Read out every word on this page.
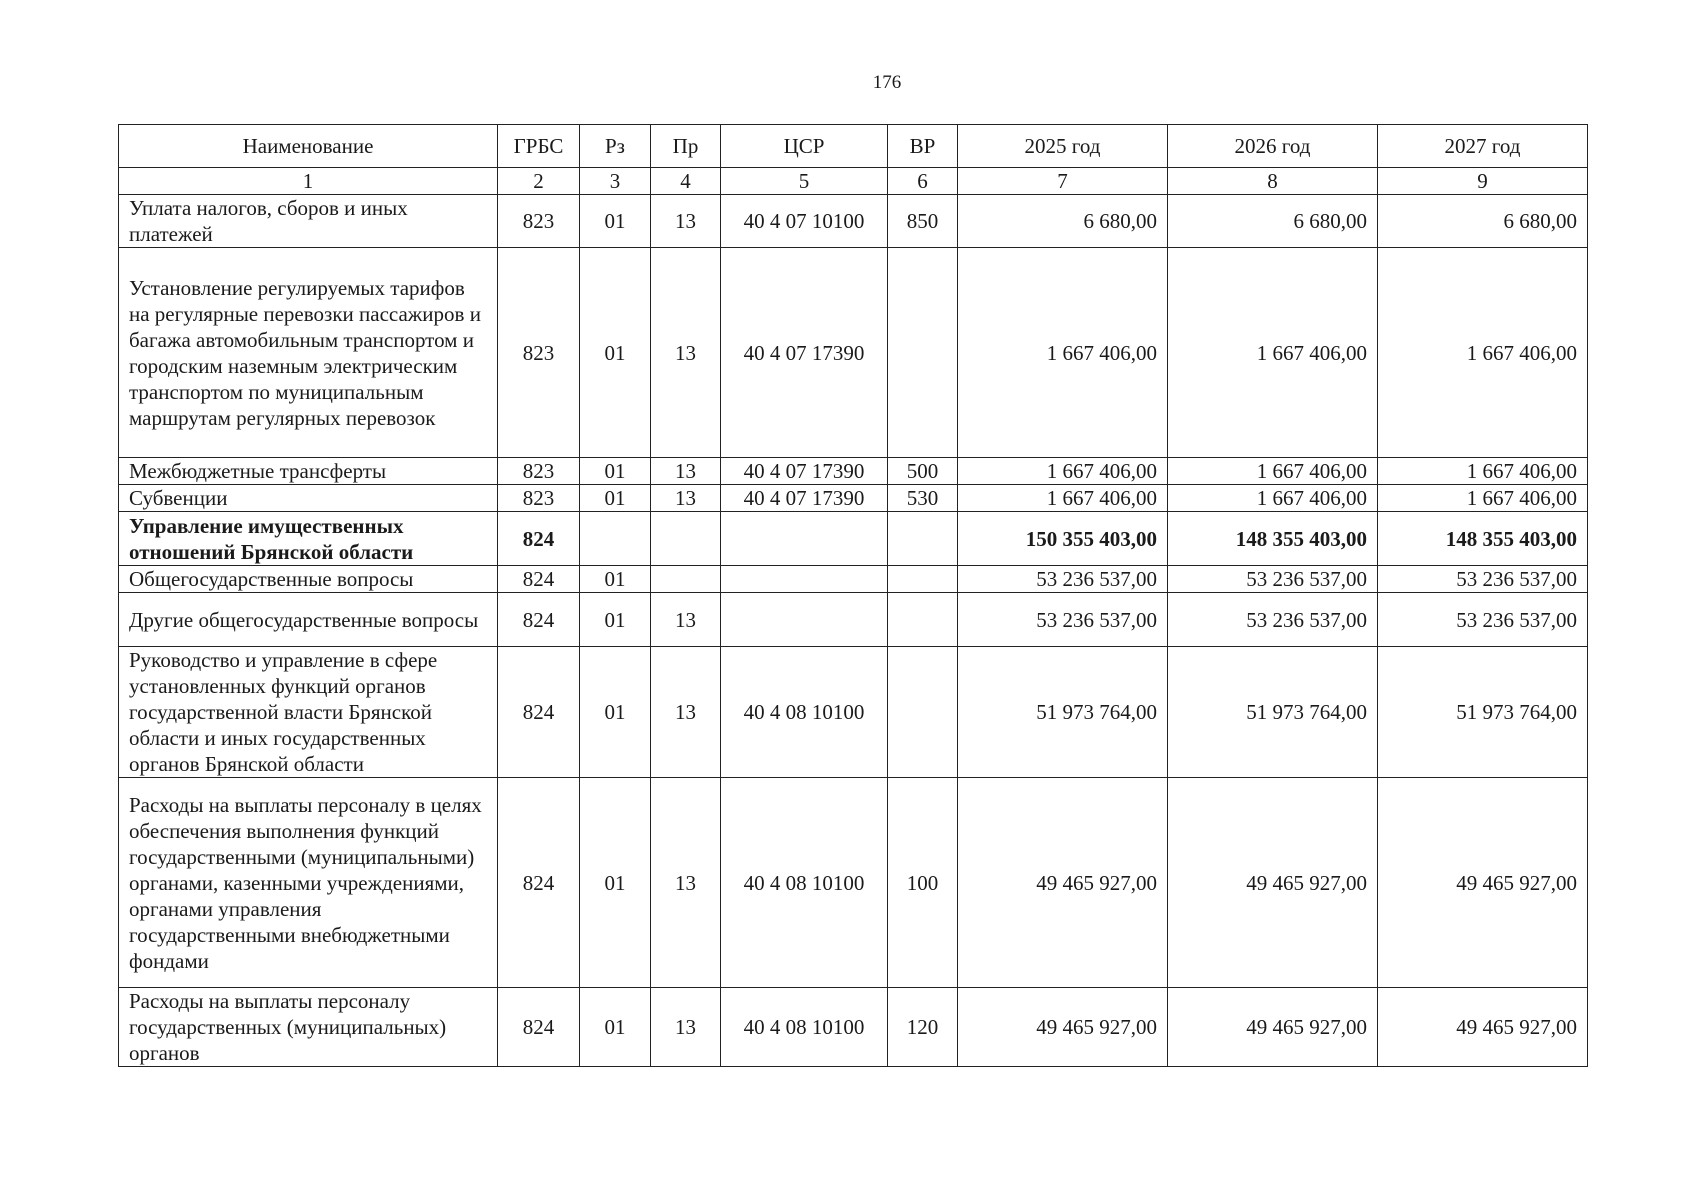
176
Наименование	ГРБС	Рз	Пр	ЦСР	ВР	2025 год	2026 год	2027 год
1	2	3	4	5	6	7	8	9
Уплата налогов, сборов и иных платежей	823	01	13	40 4 07 10100	850	6 680,00	6 680,00	6 680,00
Установление регулируемых тарифов на регулярные перевозки пассажиров и багажа автомобильным транспортом и городским наземным электрическим транспортом по муниципальным маршрутам регулярных перевозок	823	01	13	40 4 07 17390		1 667 406,00	1 667 406,00	1 667 406,00
Межбюджетные трансферты	823	01	13	40 4 07 17390	500	1 667 406,00	1 667 406,00	1 667 406,00
Субвенции	823	01	13	40 4 07 17390	530	1 667 406,00	1 667 406,00	1 667 406,00
Управление имущественных отношений Брянской области	824					150 355 403,00	148 355 403,00	148 355 403,00
Общегосударственные вопросы	824	01				53 236 537,00	53 236 537,00	53 236 537,00
Другие общегосударственные вопросы	824	01	13			53 236 537,00	53 236 537,00	53 236 537,00
Руководство и управление в сфере установленных функций органов государственной власти Брянской области и иных государственных органов Брянской области	824	01	13	40 4 08 10100		51 973 764,00	51 973 764,00	51 973 764,00
Расходы на выплаты персоналу в целях обеспечения выполнения функций государственными (муниципальными) органами, казенными учреждениями, органами управления государственными внебюджетными фондами	824	01	13	40 4 08 10100	100	49 465 927,00	49 465 927,00	49 465 927,00
Расходы на выплаты персоналу государственных (муниципальных) органов	824	01	13	40 4 08 10100	120	49 465 927,00	49 465 927,00	49 465 927,00
